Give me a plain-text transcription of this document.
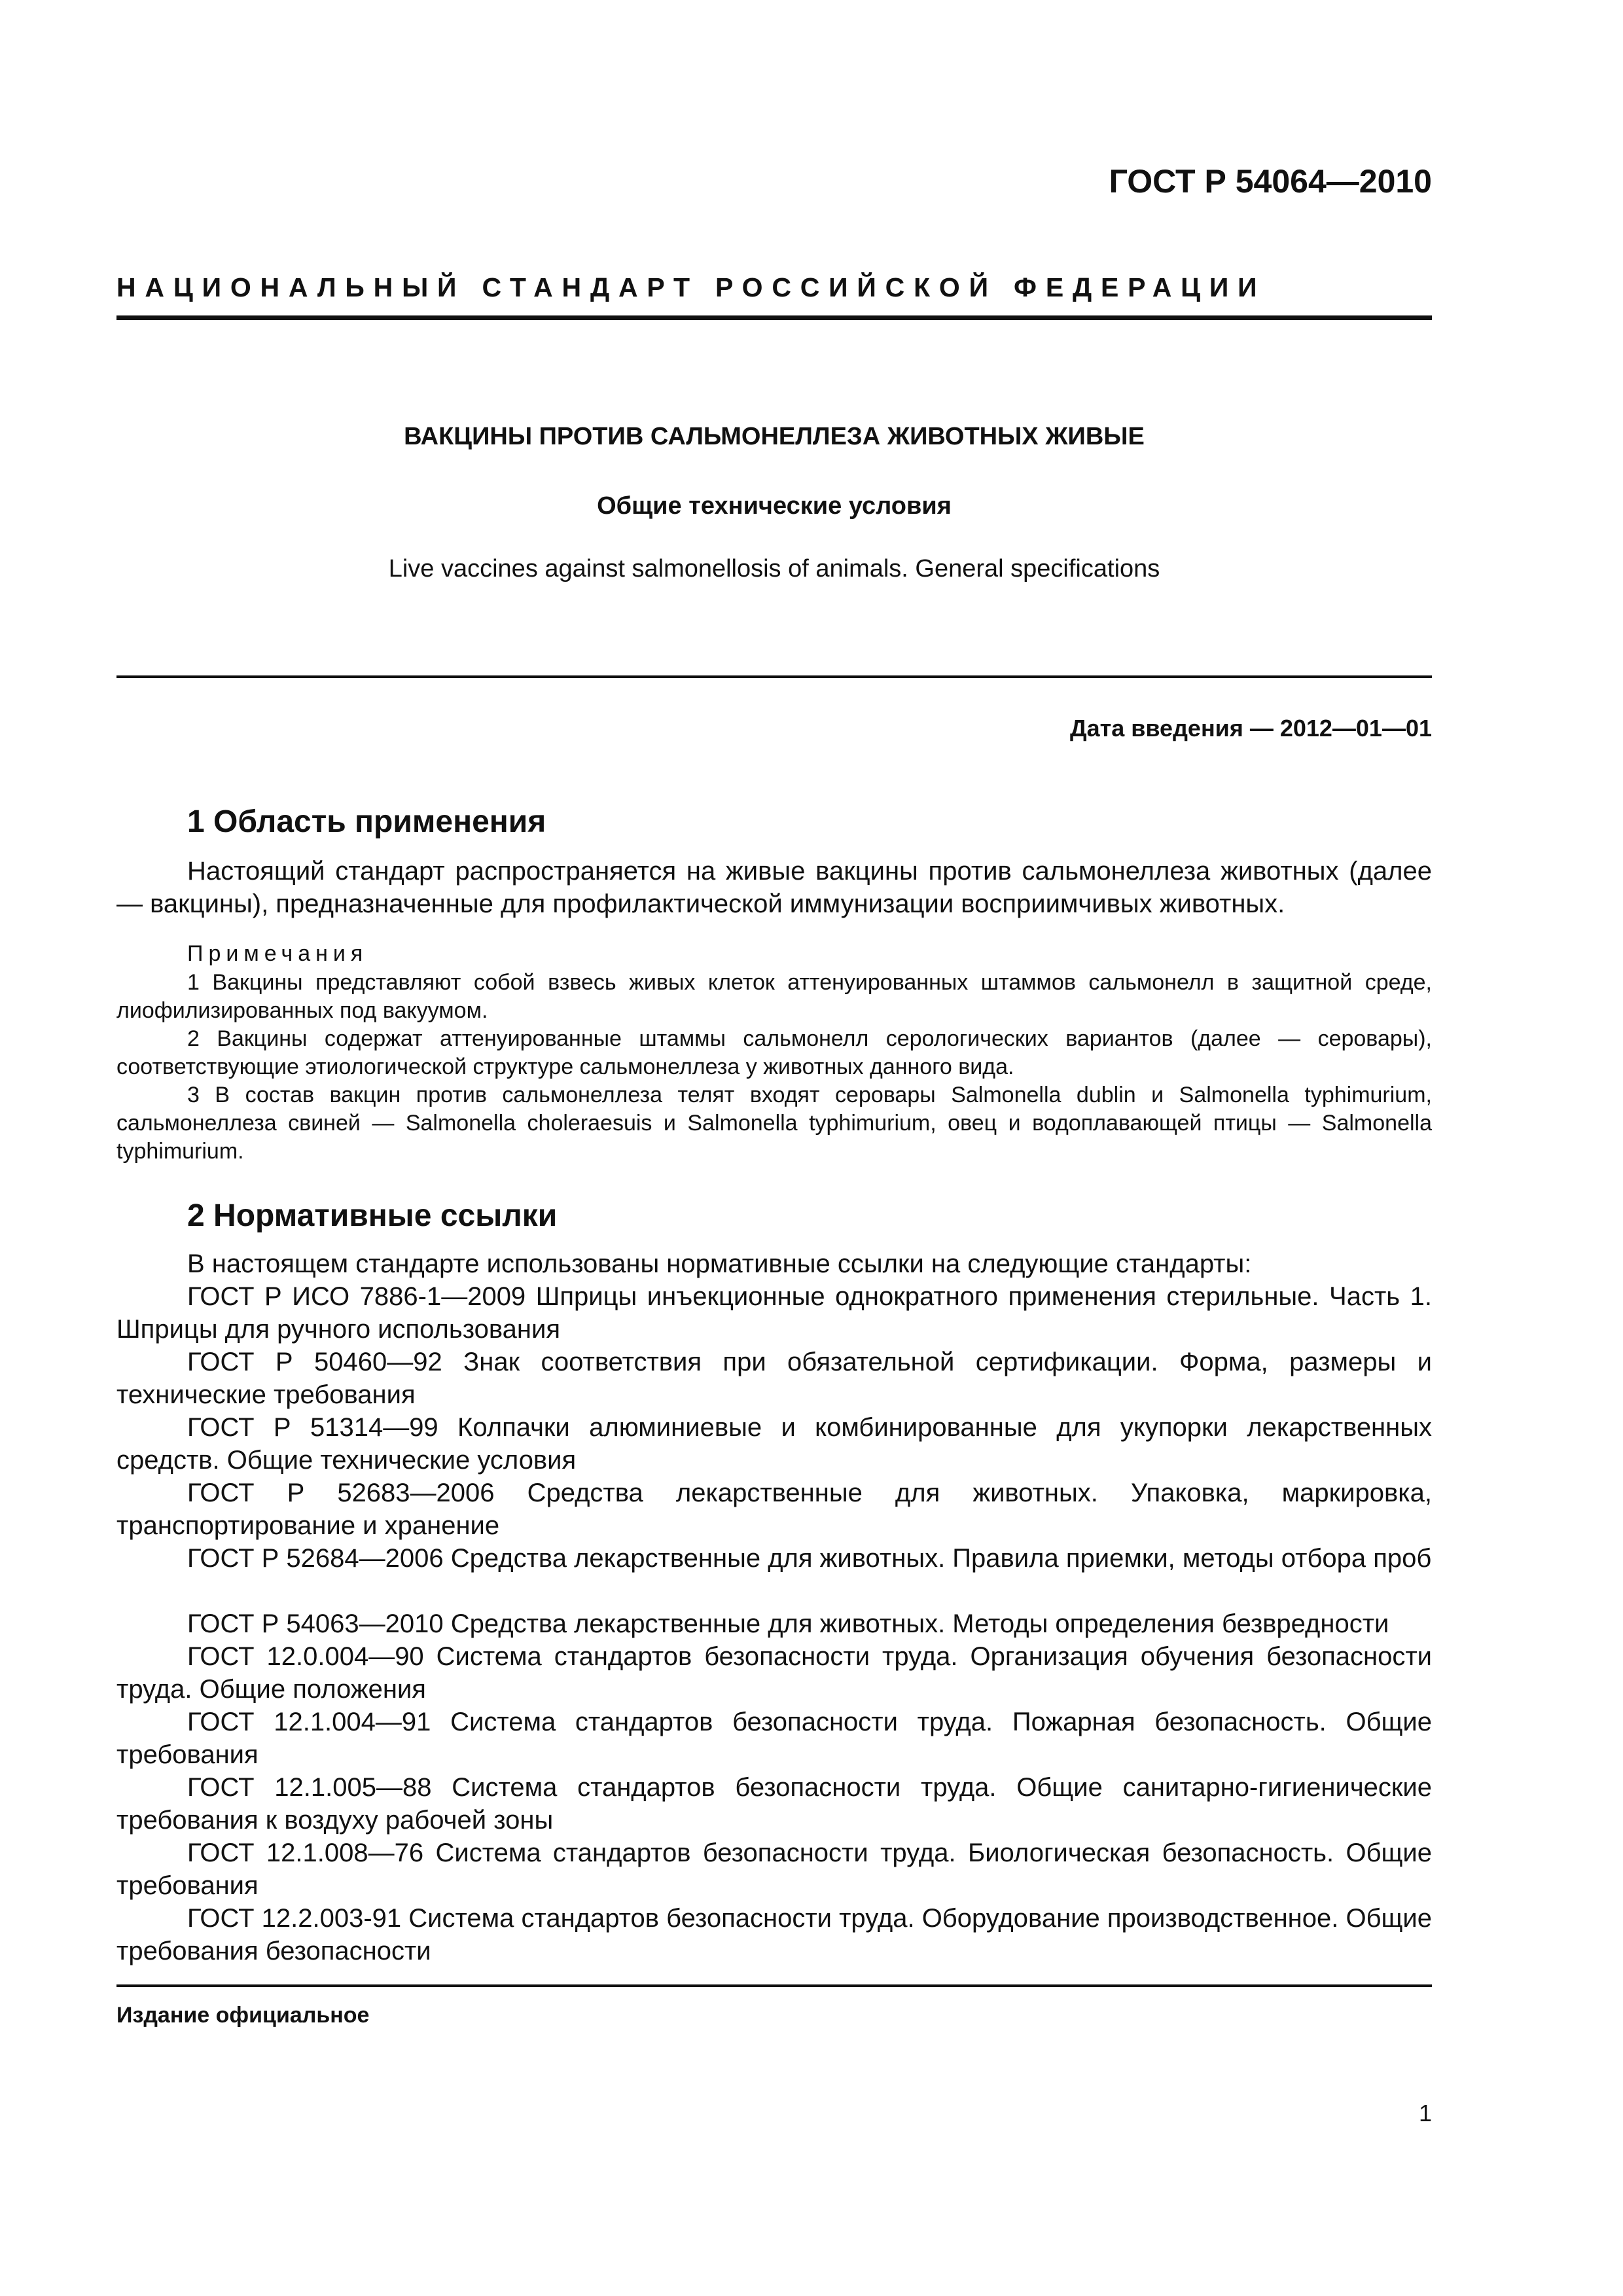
ГОСТ Р 54064—2010
НАЦИОНАЛЬНЫЙ СТАНДАРТ РОССИЙСКОЙ ФЕДЕРАЦИИ
ВАКЦИНЫ ПРОТИВ САЛЬМОНЕЛЛЕЗА ЖИВОТНЫХ ЖИВЫЕ
Общие технические условия
Live vaccines against salmonellosis of animals. General specifications
Дата введения — 2012—01—01
1 Область применения
Настоящий стандарт распространяется на живые вакцины против сальмонеллеза животных (далее — вакцины), предназначенные для профилактической иммунизации восприимчивых животных.
Примечания
1 Вакцины представляют собой взвесь живых клеток аттенуированных штаммов сальмонелл в защитной среде, лиофилизированных под вакуумом.
2 Вакцины содержат аттенуированные штаммы сальмонелл серологических вариантов (далее — серовары), соответствующие этиологической структуре сальмонеллеза у животных данного вида.
3 В состав вакцин против сальмонеллеза телят входят серовары Salmonella dublin и Salmonella typhimurium, сальмонеллеза свиней — Salmonella choleraesuis и Salmonella typhimurium, овец и водоплавающей птицы — Salmonella typhimurium.
2 Нормативные ссылки
В настоящем стандарте использованы нормативные ссылки на следующие стандарты:
ГОСТ Р ИСО 7886-1—2009 Шприцы инъекционные однократного применения стерильные. Часть 1. Шприцы для ручного использования
ГОСТ Р 50460—92 Знак соответствия при обязательной сертификации. Форма, размеры и технические требования
ГОСТ Р 51314—99 Колпачки алюминиевые и комбинированные для укупорки лекарственных средств. Общие технические условия
ГОСТ Р 52683—2006 Средства лекарственные для животных. Упаковка, маркировка, транспортирование и хранение
ГОСТ Р 52684—2006 Средства лекарственные для животных. Правила приемки, методы отбора проб
ГОСТ Р 54063—2010 Средства лекарственные для животных. Методы определения безвредности
ГОСТ 12.0.004—90 Система стандартов безопасности труда. Организация обучения безопасности труда. Общие положения
ГОСТ 12.1.004—91 Система стандартов безопасности труда. Пожарная безопасность. Общие требования
ГОСТ 12.1.005—88 Система стандартов безопасности труда. Общие санитарно-гигиенические требования к воздуху рабочей зоны
ГОСТ 12.1.008—76 Система стандартов безопасности труда. Биологическая безопасность. Общие требования
ГОСТ 12.2.003-91 Система стандартов безопасности труда. Оборудование производственное. Общие требования безопасности
Издание официальное
1
